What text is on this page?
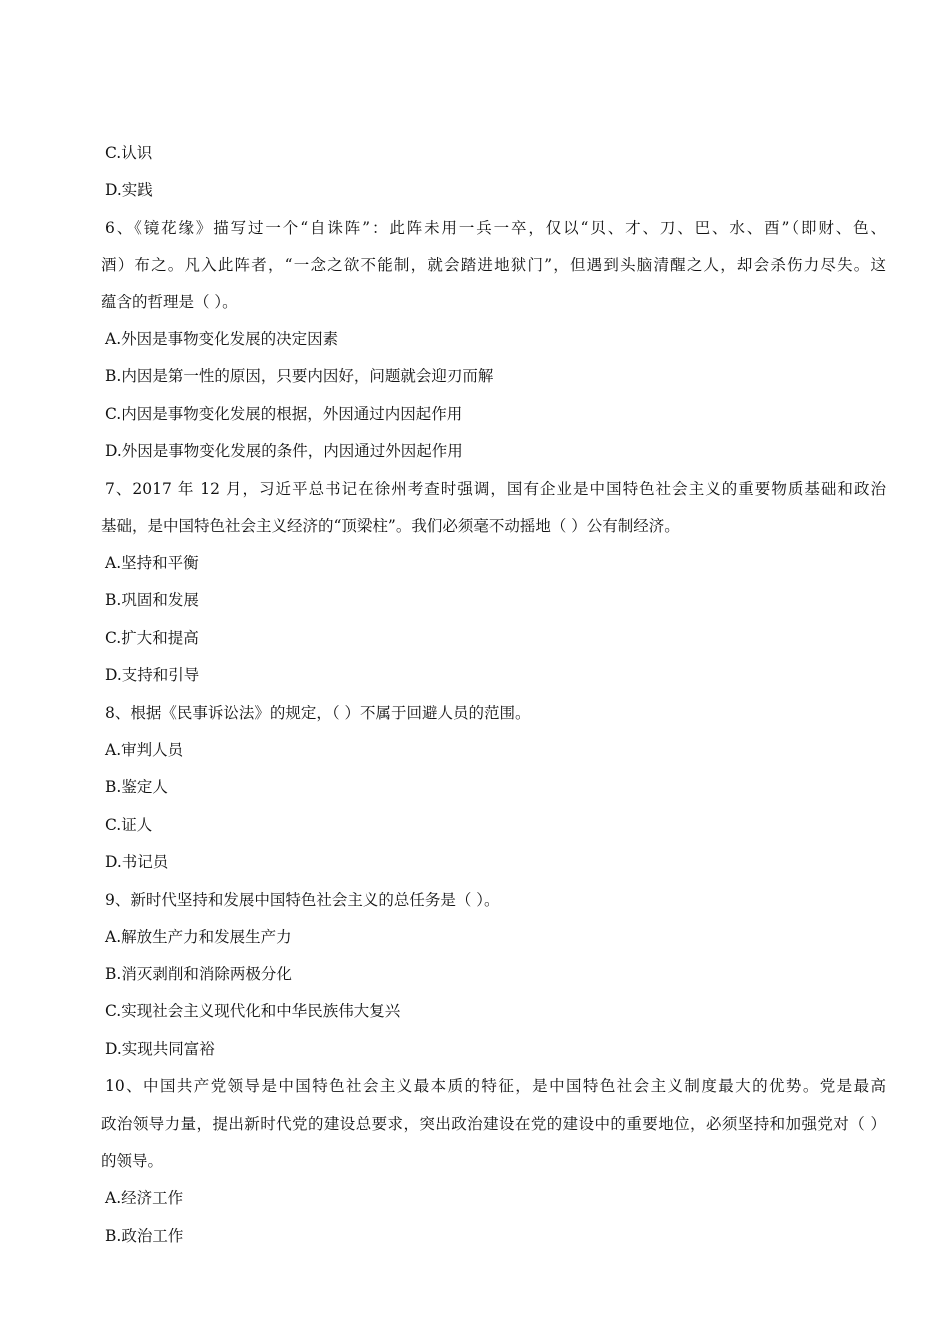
C.认识
D.实践
6、《镜花缘》描写过一个“自诛阵”：此阵未用一兵一卒，仅以“贝、才、刀、巴、水、酉”（即财、色、
酒）布之。凡入此阵者，“一念之欲不能制，就会踏进地狱门”，但遇到头脑清醒之人，却会杀伤力尽失。这
蕴含的哲理是（ ）。
A.外因是事物变化发展的决定因素
B.内因是第一性的原因，只要内因好，问题就会迎刃而解
C.内因是事物变化发展的根据，外因通过内因起作用
D.外因是事物变化发展的条件，内因通过外因起作用
7、2017 年 12 月，习近平总书记在徐州考查时强调，国有企业是中国特色社会主义的重要物质基础和政治
基础，是中国特色社会主义经济的“顶梁柱”。我们必须毫不动摇地（ ）公有制经济。
A.坚持和平衡
B.巩固和发展
C.扩大和提高
D.支持和引导
8、根据《民事诉讼法》的规定，（ ）不属于回避人员的范围。
A.审判人员
B.鉴定人
C.证人
D.书记员
9、新时代坚持和发展中国特色社会主义的总任务是（ ）。
A.解放生产力和发展生产力
B.消灭剥削和消除两极分化
C.实现社会主义现代化和中华民族伟大复兴
D.实现共同富裕
10、中国共产党领导是中国特色社会主义最本质的特征，是中国特色社会主义制度最大的优势。党是最高
政治领导力量，提出新时代党的建设总要求，突出政治建设在党的建设中的重要地位，必须坚持和加强党对（ ）
的领导。
A.经济工作
B.政治工作
